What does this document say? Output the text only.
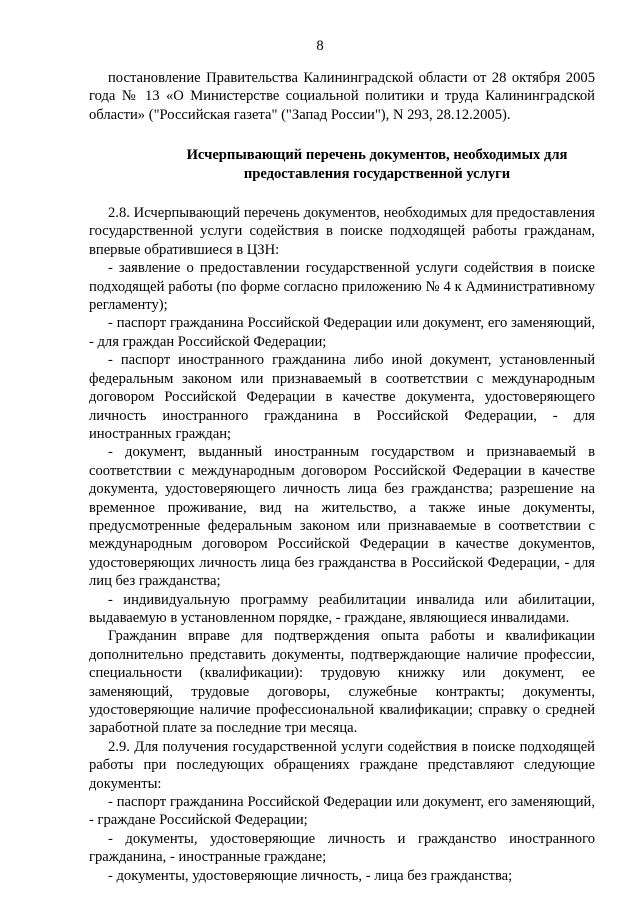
8

постановление Правительства Калининградской области от 28 октября 2005 года № 13 «О Министерстве социальной политики и труда Калининградской области» ("Российская газета" ("Запад России"), N 293, 28.12.2005).

Исчерпывающий перечень документов, необходимых для
предоставления государственной услуги

2.8. Исчерпывающий перечень документов, необходимых для предоставления государственной услуги содействия в поиске подходящей работы гражданам, впервые обратившиеся в ЦЗН:

- заявление о предоставлении государственной услуги содействия в поиске подходящей работы (по форме согласно приложению № 4 к Административному регламенту);

- паспорт гражданина Российской Федерации или документ, его заменяющий, - для граждан Российской Федерации;

- паспорт иностранного гражданина либо иной документ, установленный федеральным законом или признаваемый в соответствии с международным договором Российской Федерации в качестве документа, удостоверяющего личность иностранного гражданина в Российской Федерации, - для иностранных граждан;

- документ, выданный иностранным государством и признаваемый в соответствии с международным договором Российской Федерации в качестве документа, удостоверяющего личность лица без гражданства; разрешение на временное проживание, вид на жительство, а также иные документы, предусмотренные федеральным законом или признаваемые в соответствии с международным договором Российской Федерации в качестве документов, удостоверяющих личность лица без гражданства в Российской Федерации, - для лиц без гражданства;

- индивидуальную программу реабилитации инвалида или абилитации, выдаваемую в установленном порядке, - граждане, являющиеся инвалидами.

Гражданин вправе для подтверждения опыта работы и квалификации дополнительно представить документы, подтверждающие наличие профессии, специальности (квалификации): трудовую книжку или документ, ее заменяющий, трудовые договоры, служебные контракты; документы, удостоверяющие наличие профессиональной квалификации; справку о средней заработной плате за последние три месяца.

2.9. Для получения государственной услуги содействия в поиске подходящей работы при последующих обращениях граждане представляют следующие документы:

- паспорт гражданина Российской Федерации или документ, его заменяющий, - граждане Российской Федерации;

- документы, удостоверяющие личность и гражданство иностранного гражданина, - иностранные граждане;

- документы, удостоверяющие личность, - лица без гражданства;
